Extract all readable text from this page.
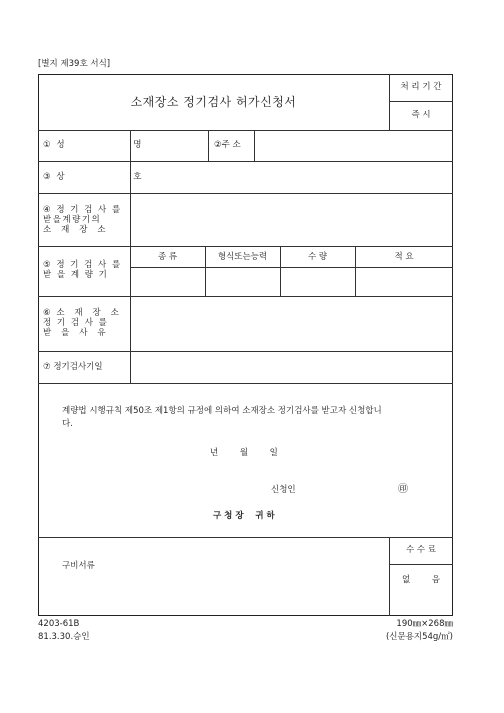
[별지 제39호 서식]
소재장소 정기검사 허가신청서
처 리 기 간
즉 시
① 성                명	②주 소
③ 상                호
④ 정 기 검 사 를
받을계량기의
소  재  장  소
⑤ 정 기 검 사 를
받 을 계 량 기
종 류	형식또는능력	수 량	적 요
⑥ 소  재  장  소
정 기 검 사 를
받  을  사  유
⑦ 정기검사기일
계량법 시행규칙 제50조 제1항의 규정에 의하여 소재장소 정기검사를 받고자 신청합니
다.
년        월        일
신청인	㊞
구 청 장    귀 하
구비서류
수 수 료
없        음
4203-61B
81.3.30.승인
190㎜×268㎜
(신문용지54g/㎡)
